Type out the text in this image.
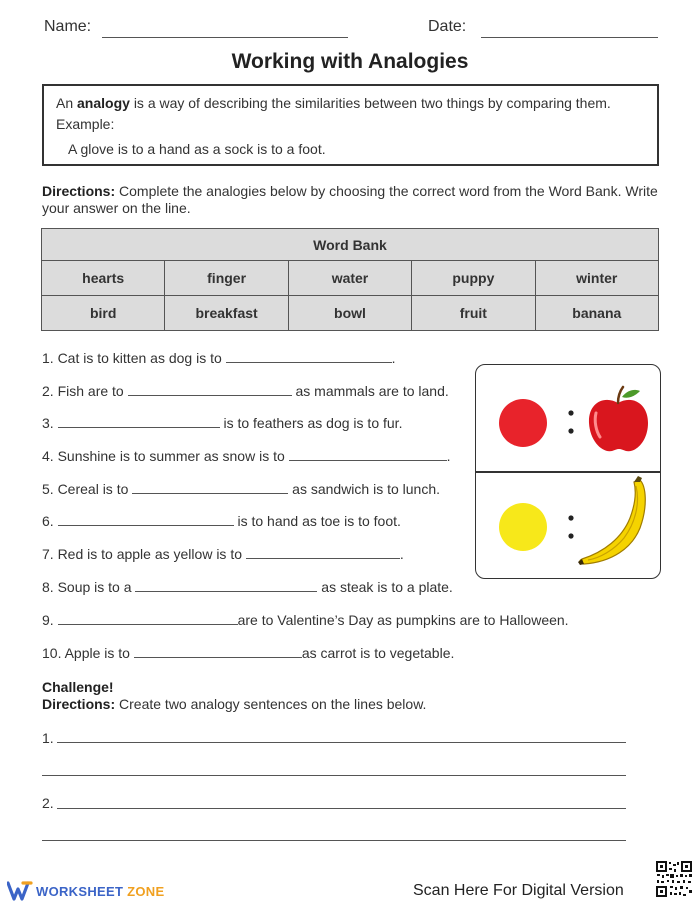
Name:	Date:
Working with Analogies
An analogy is a way of describing the similarities between two things by comparing them.
Example:
A glove is to a hand as a sock is to a foot.
Directions: Complete the analogies below by choosing the correct word from the Word Bank. Write your answer on the line.
Word Bank				
hearts	finger	water	puppy	winter
bird	breakfast	bowl	fruit	banana
1. Cat is to kitten as dog is to	.
2. Fish are to	as mammals are to land.
3.	is to feathers as dog is to fur.
4. Sunshine is to summer as snow is to	.
5. Cereal is to	as sandwich is to lunch.
6.	is to hand as toe is to foot.
7. Red is to apple as yellow is to	.
8. Soup is to a	as steak is to a plate.
9.	are to Valentine’s Day as pumpkins are to Halloween.
10. Apple is to	as carrot is to vegetable.
Challenge!
Directions: Create two analogy sentences on the lines below.
1.
2.
WORKSHEET ZONE	Scan Here For Digital Version
